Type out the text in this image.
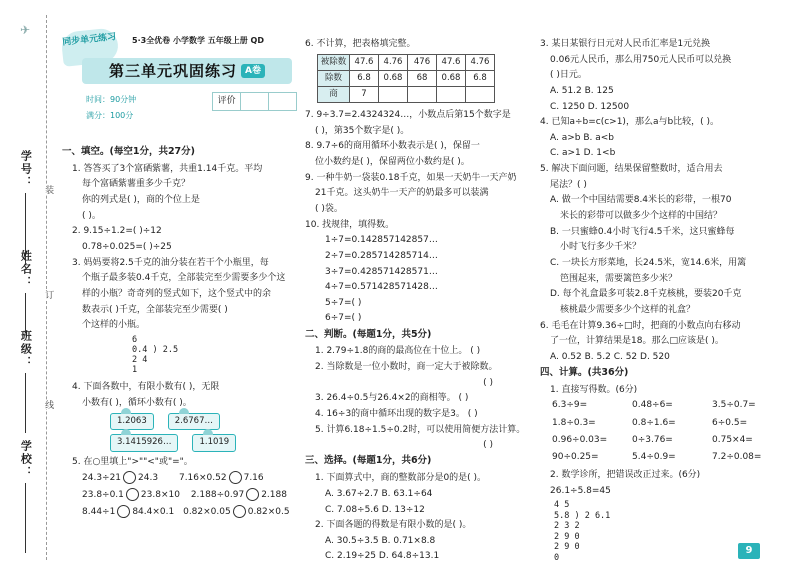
✈
学号：
姓名：
班级：
学校：
装
订
线
同步单元练习	5·3全优卷 小学数学 五年级上册 QD
第三单元巩固练习 A卷
时间：90分钟
满分：100分
评价		
一、填空。(每空1分，共27分)
1. 答答买了3个富硒紫薯，共重1.14千克。平均
每个富硒紫薯重多少千克？
你的列式是( )，商的个位上是
( )。
2. 9.15÷1.2=( )÷12
0.78÷0.025=( )÷25
3. 妈妈要将2.5千克的油分装在若干个小瓶里，每
个瓶子最多装0.4千克，全部装完至少需要多少个这
样的小瓶？奇奇列的竖式如下，这个竖式中的余
数表示( )千克，全部装完至少需要( )
个这样的小瓶。
6
0.4 ) 2.5
2 4
1
4. 下面各数中，有限小数有( )，无限
小数有( )，循环小数有( )。
1.2063	2.6767…
3.1415926…	1.1019
5. 在○里填上">""<"或"="。
24.3÷21 24.3 7.16×0.52 7.16
23.8÷0.1 23.8×10 2.188÷0.97 2.188
8.44÷1 84.4×0.1 0.82×0.05 0.82×0.5
6. 不计算，把表格填完整。
被除数	47.6	4.76	476	47.6	4.76
除数	6.8	0.68	68	0.68	6.8
商	7				
7. 9÷3.7=2.4324324…，小数点后第15个数字是
( )，第35个数字是( )。
8. 9.7÷6的商用循环小数表示是( )，保留一
位小数约是( )，保留两位小数约是( )。
9. 一种牛奶一袋装0.18千克，如果一天奶牛一天产奶
21千克。这头奶牛一天产的奶最多可以装满
( )袋。
10. 找规律，填得数。
1÷7=0.142857142857…
2÷7=0.285714285714…
3÷7=0.428571428571…
4÷7=0.571428571428…
5÷7=( )
6÷7=( )
二、判断。(每题1分，共5分)
1. 2.79÷1.8的商的最高位在十位上。 ( )
2. 当除数是一位小数时，商一定大于被除数。
( )
3. 26.4÷0.5与26.4×2的商相等。 ( )
4. 16÷3的商中循环出现的数字是3。 ( )
5. 计算6.18÷1.5÷0.2时，可以使用简便方法计算。
( )
三、选择。(每题1分，共6分)
1. 下面算式中，商的整数部分是0的是( )。
A. 3.67÷2.7 B. 63.1÷64
C. 7.08÷5.6 D. 13÷12
2. 下面各题的得数是有限小数的是( )。
A. 30.5÷3.5 B. 0.71×8.8
C. 2.19÷25 D. 64.8÷13.1
3. 某日某银行日元对人民币汇率是1元兑换
0.06元人民币，那么用750元人民币可以兑换
( )日元。
A. 51.2 B. 125
C. 1250 D. 12500
4. 已知a÷b=c(c>1)，那么a与b比较，( )。
A. a>b B. a<b
C. a>1 D. 1<b
5. 解决下面问题，结果保留整数时，适合用去
尾法？( )
A. 做一个中国结需要8.4米长的彩带，一根70
米长的彩带可以做多少个这样的中国结？
B. 一只蜜蜂0.4小时飞行4.5千米，这只蜜蜂每
小时飞行多少千米？
C. 一块长方形菜地，长24.5米，宽14.6米，用篱
笆围起来，需要篱笆多少米？
D. 每个礼盒最多可装2.8千克核桃，要装20千克
核桃最少需要多少个这样的礼盒？
6. 毛毛在计算9.36÷□时，把商的小数点向右移动
了一位，计算结果是18。那么□应该是( )。
A. 0.52 B. 5.2 C. 52 D. 520
四、计算。(共36分)
1. 直接写得数。(6分)
6.3÷9=	0.48÷6=	3.5÷0.7=
1.8÷0.3=	0.8÷1.6=	6÷0.5=
0.96÷0.03=	0÷3.76=	0.75×4=
90÷0.25=	5.4÷0.9=	7.2÷0.08=
2. 数学诊所，把错误改正过来。(6分)
26.1÷5.8=45
4 5
5.8 ) 2 6.1
2 3 2
2 9 0
2 9 0
0
9
